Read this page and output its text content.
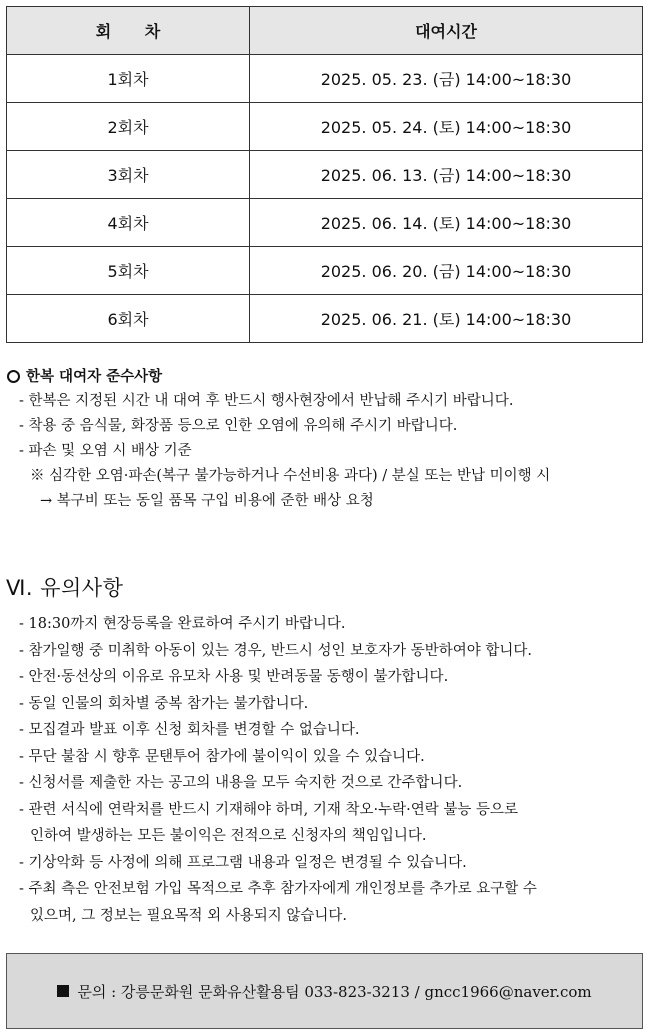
회 차	대여시간
1회차	2025. 05. 23. (금) 14:00~18:30
2회차	2025. 05. 24. (토) 14:00~18:30
3회차	2025. 06. 13. (금) 14:00~18:30
4회차	2025. 06. 14. (토) 14:00~18:30
5회차	2025. 06. 20. (금) 14:00~18:30
6회차	2025. 06. 21. (토) 14:00~18:30
한복 대여자 준수사항
- 한복은 지정된 시간 내 대여 후 반드시 행사현장에서 반납해 주시기 바랍니다.
- 착용 중 음식물, 화장품 등으로 인한 오염에 유의해 주시기 바랍니다.
- 파손 및 오염 시 배상 기준
※ 심각한 오염·파손(복구 불가능하거나 수선비용 과다) / 분실 또는 반납 미이행 시
→ 복구비 또는 동일 품목 구입 비용에 준한 배상 요청
Ⅵ. 유의사항
- 18:30까지 현장등록을 완료하여 주시기 바랍니다.
- 참가일행 중 미취학 아동이 있는 경우, 반드시 성인 보호자가 동반하여야 합니다.
- 안전·동선상의 이유로 유모차 사용 및 반려동물 동행이 불가합니다.
- 동일 인물의 회차별 중복 참가는 불가합니다.
- 모집결과 발표 이후 신청 회차를 변경할 수 없습니다.
- 무단 불참 시 향후 문탠투어 참가에 불이익이 있을 수 있습니다.
- 신청서를 제출한 자는 공고의 내용을 모두 숙지한 것으로 간주합니다.
- 관련 서식에 연락처를 반드시 기재해야 하며, 기재 착오·누락·연락 불능 등으로
인하여 발생하는 모든 불이익은 전적으로 신청자의 책임입니다.
- 기상악화 등 사정에 의해 프로그램 내용과 일정은 변경될 수 있습니다.
- 주최 측은 안전보험 가입 목적으로 추후 참가자에게 개인정보를 추가로 요구할 수
있으며, 그 정보는 필요목적 외 사용되지 않습니다.
문의 : 강릉문화원 문화유산활용팀 033-823-3213 / gncc1966@naver.com
